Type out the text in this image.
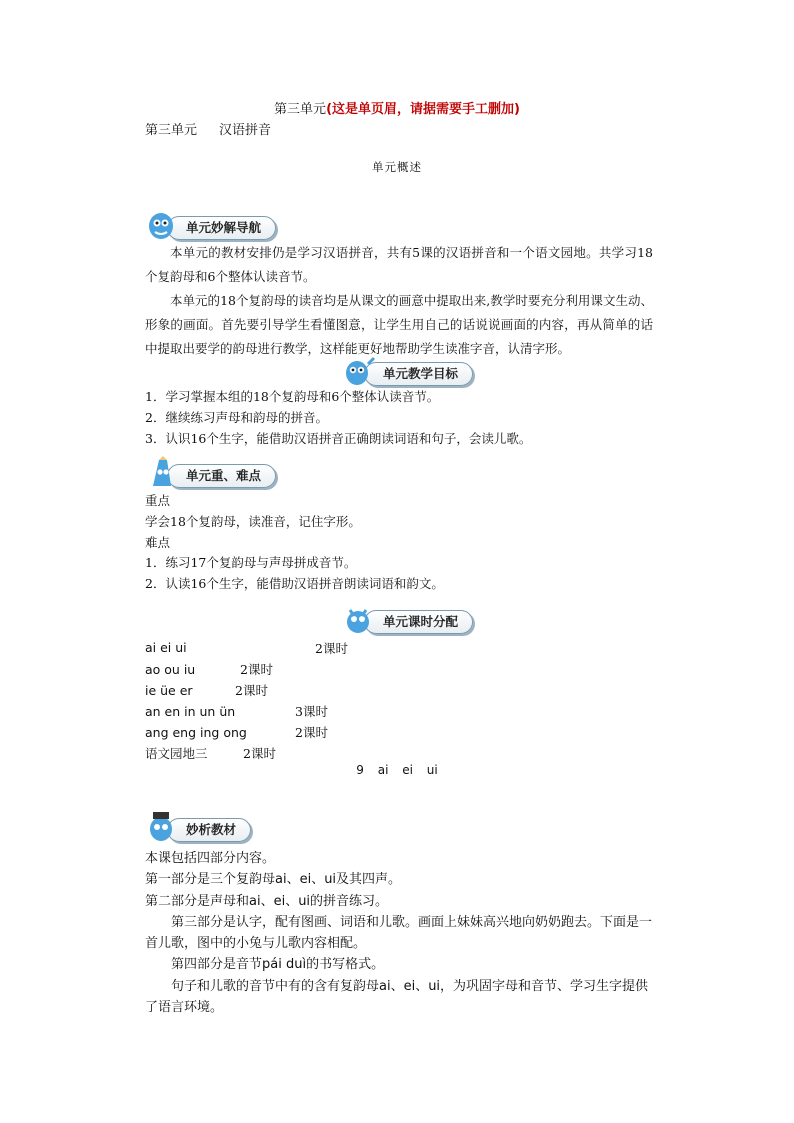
第三单元(这是单页眉，请据需要手工删加)
第三单元 汉语拼音
单元概述
单元妙解导航

本单元的教材安排仍是学习汉语拼音，共有5课的汉语拼音和一个语文园地。共学习18个复韵母和6个整体认读音节。

本单元的18个复韵母的读音均是从课文的画意中提取出来,教学时要充分利用课文生动、形象的画面。首先要引导学生看懂图意，让学生用自己的话说说画面的内容，再从简单的话中提取出要学的韵母进行教学，这样能更好地帮助学生读准字音，认清字形。

单元教学目标
1．学习掌握本组的18个复韵母和6个整体认读音节。
2．继续练习声母和韵母的拼音。
3．认识16个生字，能借助汉语拼音正确朗读词语和句子，会读儿歌。
单元重、难点
重点
学会18个复韵母，读准音，记住字形。
难点
1．练习17个复韵母与声母拼成音节。
2．认读16个生字，能借助汉语拼音朗读词语和韵文。
单元课时分配
ai ei ui	2课时
ao ou iu	2课时
ie üe er	2课时
an en in un ün	3课时
ang eng ing ong	2课时
语文园地三	2课时
9 ai ei ui
妙析教材

本课包括四部分内容。

第一部分是三个复韵母ai、ei、ui及其四声。

第二部分是声母和ai、ei、ui的拼音练习。

第三部分是认字，配有图画、词语和儿歌。画面上妹妹高兴地向奶奶跑去。下面是一首儿歌，图中的小兔与儿歌内容相配。

第四部分是音节pái duì的书写格式。

句子和儿歌的音节中有的含有复韵母ai、ei、ui，为巩固字母和音节、学习生字提供了语言环境。
